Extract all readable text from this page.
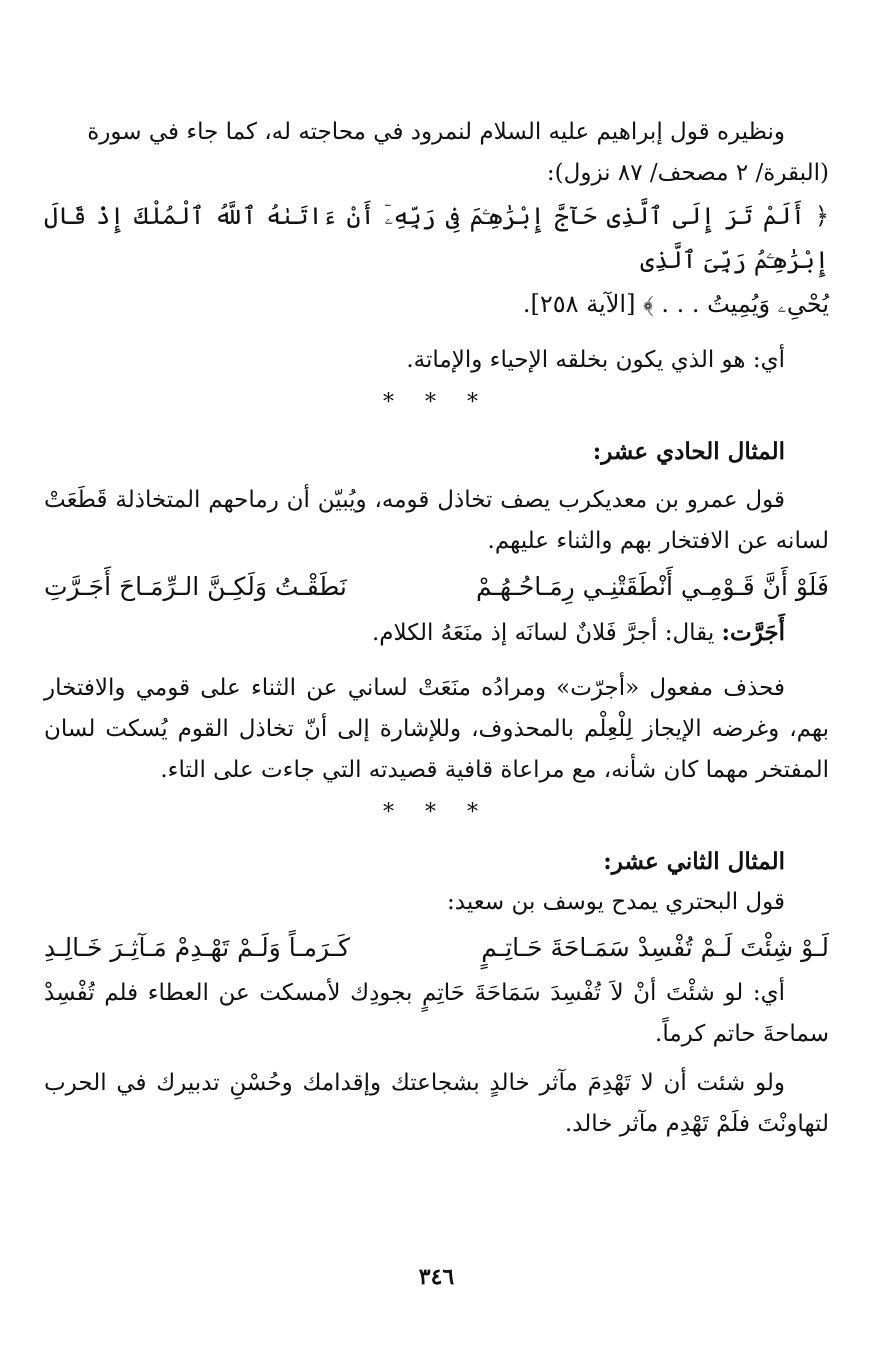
ونظيره قول إبراهيم عليه السلام لنمرود في محاجته له، كما جاء في سورة
(البقرة/ ٢ مصحف/ ٨٧ نزول):

﴿ أَلَمْ تَرَ إِلَى ٱلَّذِى حَآجَّ إِبْرَٰهِـۧمَ فِى رَبِّهِۦٓ أَنْ ءَاتَىٰهُ ٱللَّهُ ٱلْمُلْكَ إِذْ قَالَ إِبْرَٰهِـۧمُ رَبِّىَ ٱلَّذِى
يُحْىِۦ وَيُمِيتُ . . . ﴾ [الآية ٢٥٨].

أي: هو الذي يكون بخلقه الإحياء والإماتة.

* * *

المثال الحادي عشر:

قول عمرو بن معديكرب يصف تخاذل قومه، ويُبيّن أن رماحهم المتخاذلة قَطَعَتْ لسانه عن الافتخار بهم والثناء عليهم.

فَلَوْ أَنَّ قَـوْمِـي أَنْطَقَتْنِـي رِمَـاحُـهُـمْ
نَطَقْـتُ وَلَكِـنَّ الـرِّمَـاحَ أَجَـرَّتِ

أَجَرَّت: يقال: أجرَّ فَلانٌ لسانَه إذ منَعَهُ الكلام.

فحذف مفعول «أجرّت» ومرادُه منَعَتْ لساني عن الثناء على قومي والافتخار بهم، وغرضه الإيجاز لِلْعِلْم بالمحذوف، وللإشارة إلى أنّ تخاذل القوم يُسكت لسان المفتخر مهما كان شأنه، مع مراعاة قافية قصيدته التي جاءت على التاء.

* * *

المثال الثاني عشر:

قول البحتري يمدح يوسف بن سعيد:

لَـوْ شِئْتَ لَـمْ تُفْسِدْ سَمَـاحَةَ حَـاتِـمٍ
كَـرَمـاً وَلَـمْ تَهْـدِمْ مَـآثِـرَ خَـالِـدِ

أي: لو شئْتَ أنْ لاَ تُفْسِدَ سَمَاحَةَ حَاتِمٍ بجودِك لأمسكت عن العطاء فلم تُفْسِدْ سماحةَ حاتم كرماً.

ولو شئت أن لا تَهْدِمَ مآثر خالدٍ بشجاعتك وإقدامك وحُسْنِ تدبيرك في الحرب لتهاونْتَ فلَمْ تَهْدِم مآثر خالد.

٣٤٦
